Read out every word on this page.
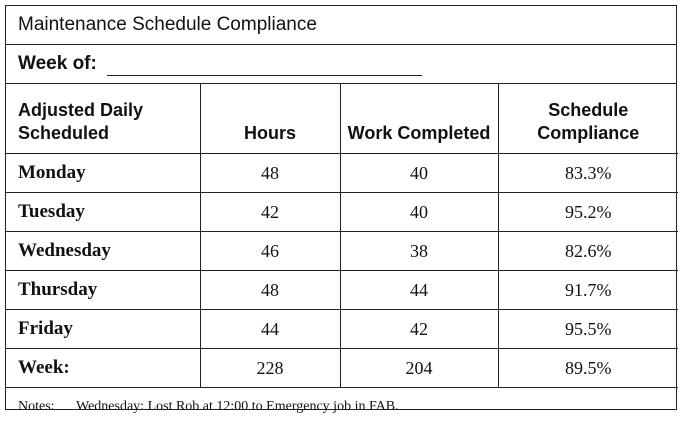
Maintenance Schedule Compliance
Week of:
Adjusted Daily Scheduled	Hours	Work Completed	Schedule Compliance
Monday	48	40	83.3%
Tuesday	42	40	95.2%
Wednesday	46	38	82.6%
Thursday	48	44	91.7%
Friday	44	42	95.5%
Week:	228	204	89.5%
Notes:	Wednesday: Lost Rob at 12:00 to Emergency job in FAB.
